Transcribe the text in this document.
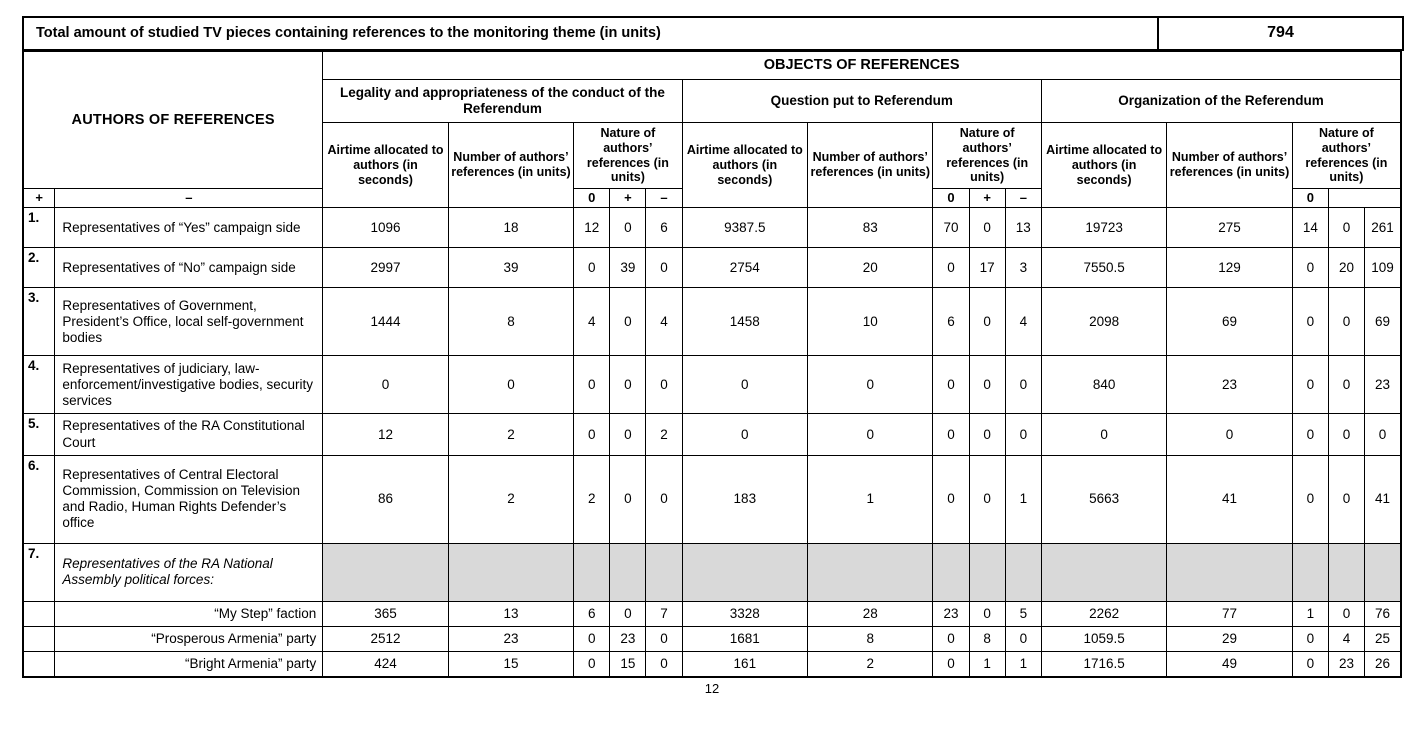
Total amount of studied TV pieces containing references to the monitoring theme (in units)	794
AUTHORS OF REFERENCES		OBJECTS OF REFERENCES														
		Legality and appropriateness of the conduct of the Referendum					Question put to Referendum					Organization of the Referendum				
		Airtime allocated to authors (in seconds)	Number of authors’ references (in units)	Nature of authors’ references (in units)			Airtime allocated to authors (in seconds)	Number of authors’ references (in units)	Nature of authors’ references (in units)			Airtime allocated to authors (in seconds)	Number of authors’ references (in units)	Nature of authors’ references (in units)		
+	–			0	+	–			0	+	–			0		
1.	Representatives of “Yes” campaign side	1096	18	12	0	6	9387.5	83	70	0	13	19723	275	14	0	261
2.	Representatives of “No” campaign side	2997	39	0	39	0	2754	20	0	17	3	7550.5	129	0	20	109
3.	Representatives of Government, President’s Office, local self-government bodies	1444	8	4	0	4	1458	10	6	0	4	2098	69	0	0	69
4.	Representatives of judiciary, law-enforcement/investigative bodies, security services	0	0	0	0	0	0	0	0	0	0	840	23	0	0	23
5.	Representatives of the RA Constitutional Court	12	2	0	0	2	0	0	0	0	0	0	0	0	0	0
6.	Representatives of Central Electoral Commission, Commission on Television and Radio, Human Rights Defender’s office	86	2	2	0	0	183	1	0	0	1	5663	41	0	0	41
7.	Representatives of the RA National Assembly political forces:															
	“My Step” faction	365	13	6	0	7	3328	28	23	0	5	2262	77	1	0	76
	“Prosperous Armenia” party	2512	23	0	23	0	1681	8	0	8	0	1059.5	29	0	4	25
	“Bright Armenia” party	424	15	0	15	0	161	2	0	1	1	1716.5	49	0	23	26
12
